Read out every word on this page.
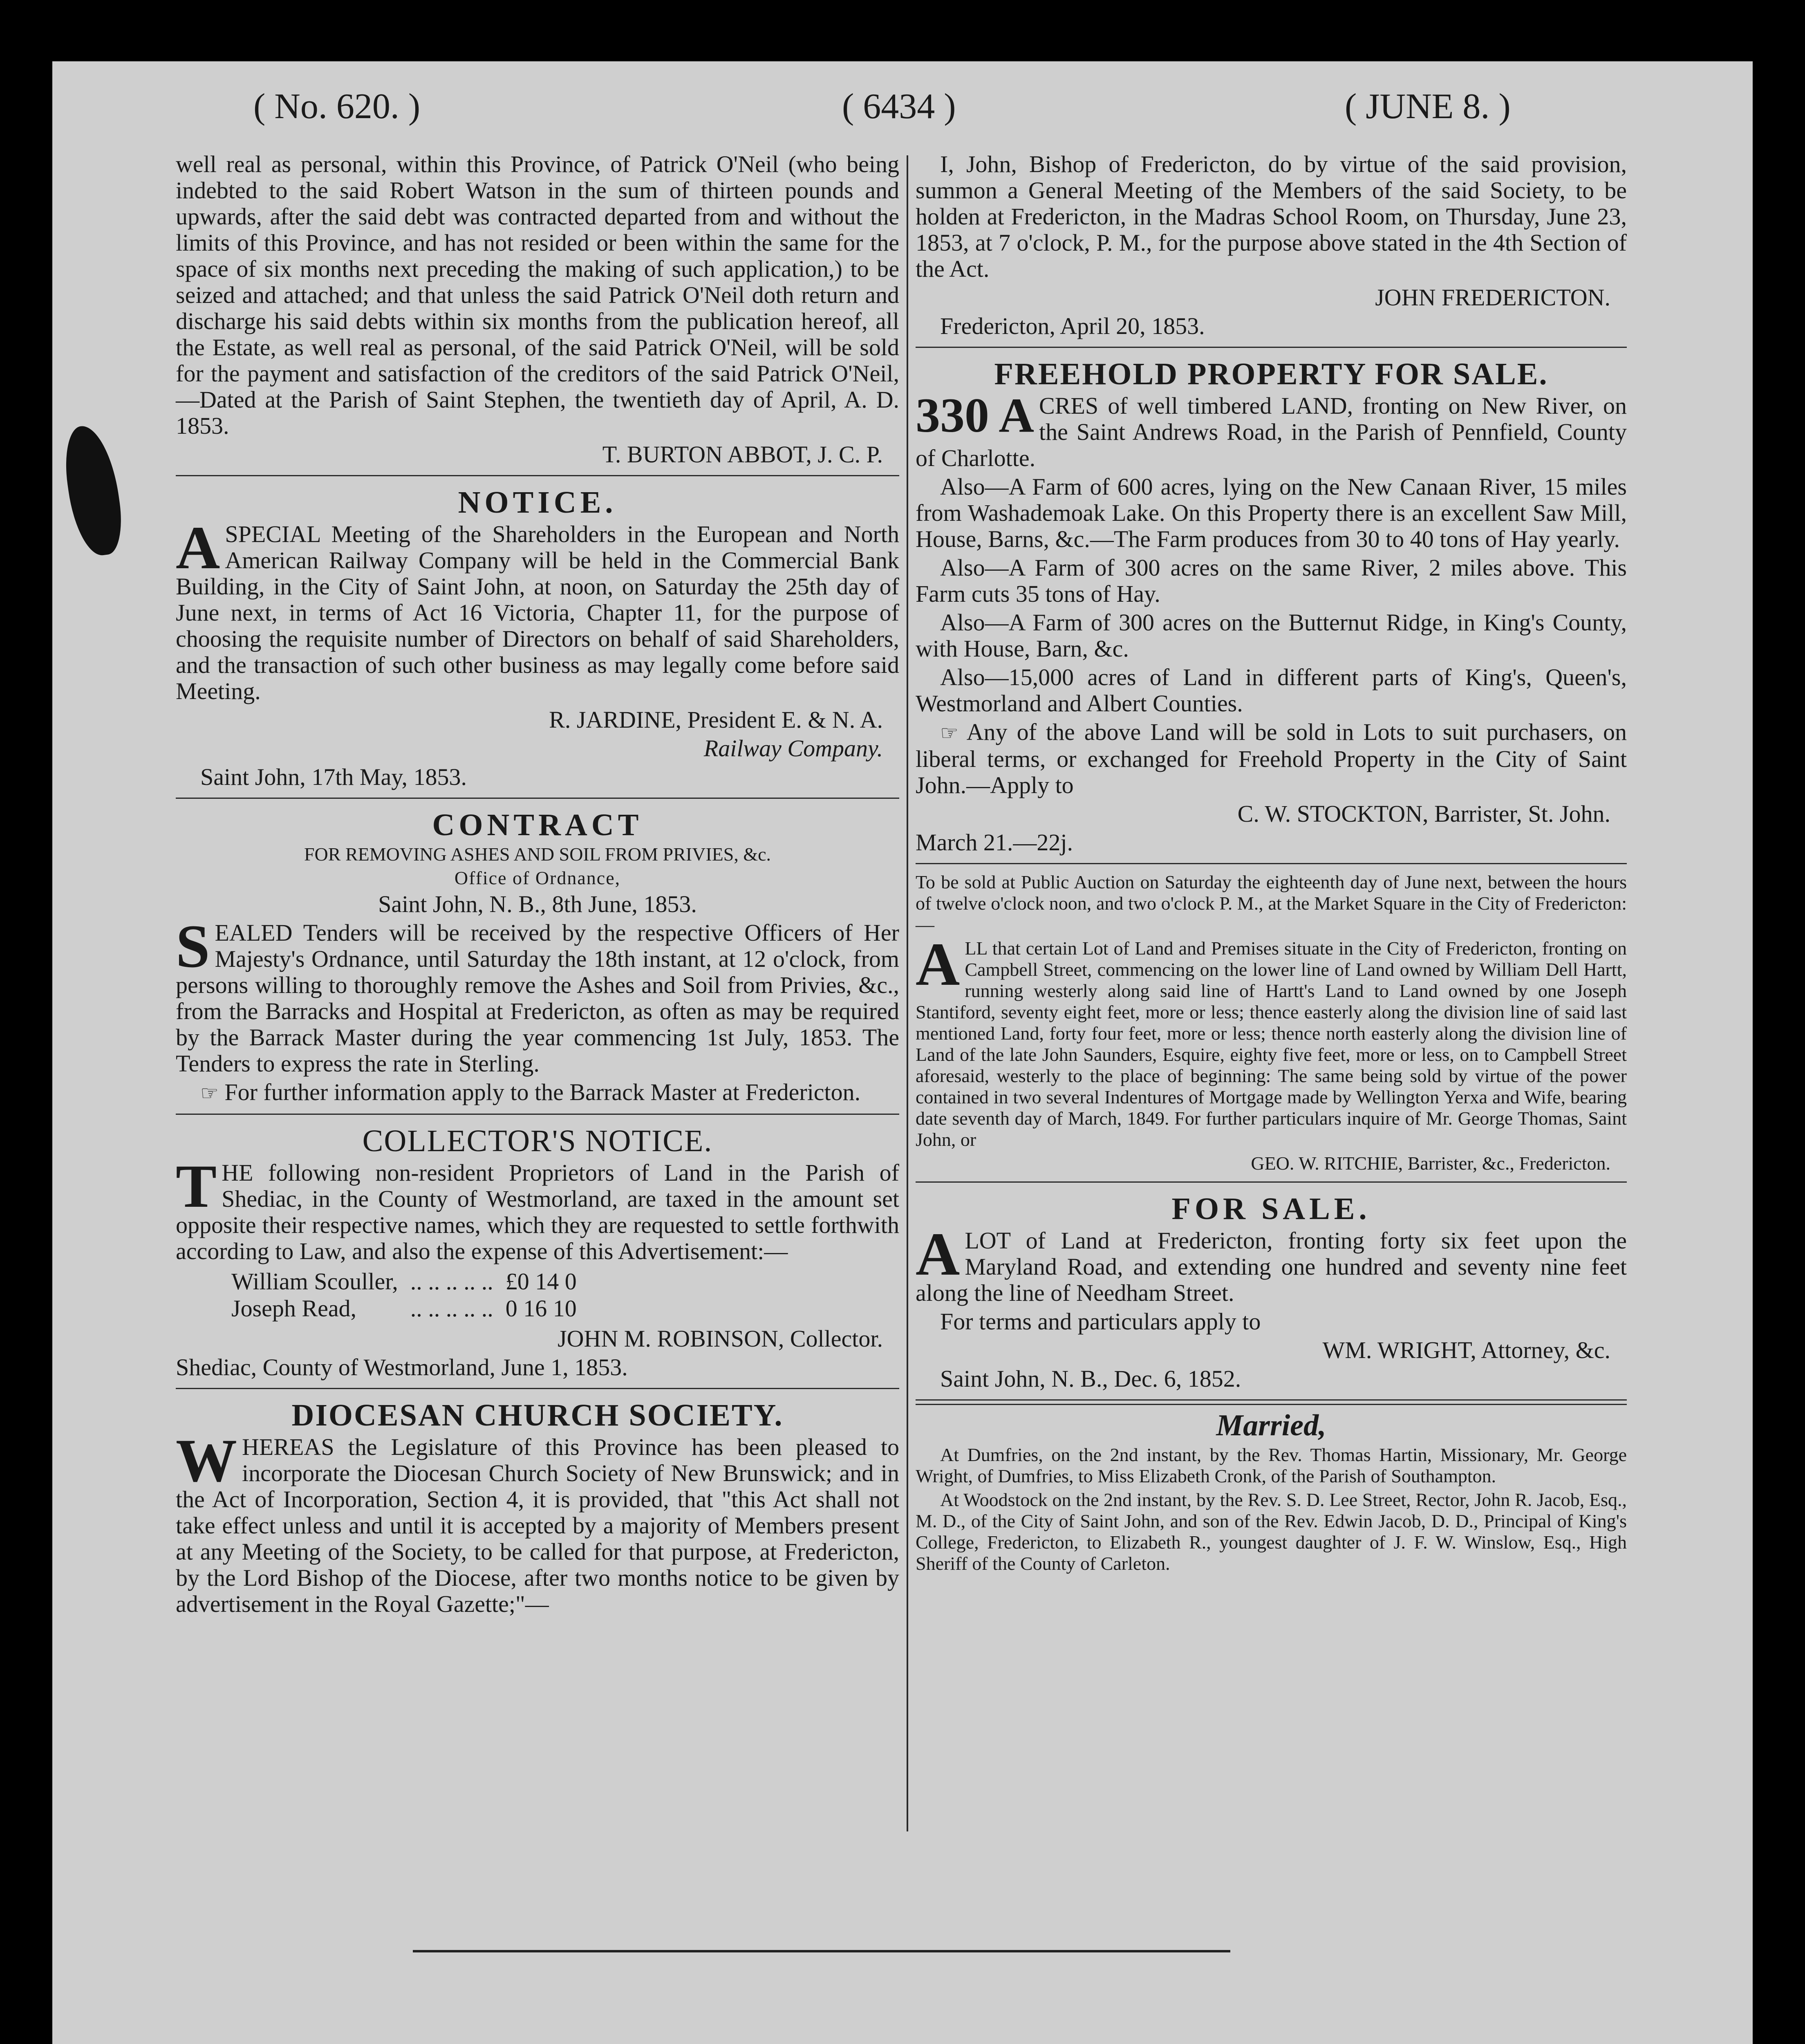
( No. 620. )	( 6434 )	( JUNE 8. )

well real as personal, within this Province, of Patrick O'Neil (who being indebted to the said Robert Watson in the sum of thirteen pounds and upwards, after the said debt was contracted departed from and without the limits of this Province, and has not resided or been within the same for the space of six months next preceding the making of such application,) to be seized and attached; and that unless the said Patrick O'Neil doth return and discharge his said debts within six months from the publication hereof, all the Estate, as well real as personal, of the said Patrick O'Neil, will be sold for the payment and satisfaction of the creditors of the said Patrick O'Neil,—Dated at the Parish of Saint Stephen, the twentieth day of April, A. D. 1853.

T. BURTON ABBOT, J. C. P.

NOTICE.

ASPECIAL Meeting of the Shareholders in the European and North American Railway Company will be held in the Commercial Bank Building, in the City of Saint John, at noon, on Saturday the 25th day of June next, in terms of Act 16 Victoria, Chapter 11, for the purpose of choosing the requisite number of Directors on behalf of said Shareholders, and the transaction of such other business as may legally come before said Meeting.

R. JARDINE, President E. & N. A.

Railway Company.

Saint John, 17th May, 1853.

CONTRACT

FOR REMOVING ASHES AND SOIL FROM PRIVIES, &c.

Office of Ordnance,

Saint John, N. B., 8th June, 1853.

SEALED Tenders will be received by the respective Officers of Her Majesty's Ordnance, until Saturday the 18th instant, at 12 o'clock, from persons willing to thoroughly remove the Ashes and Soil from Privies, &c., from the Barracks and Hospital at Fredericton, as often as may be required by the Barrack Master during the year commencing 1st July, 1853. The Tenders to express the rate in Sterling.

☞ For further information apply to the Barrack Master at Fredericton.

COLLECTOR'S NOTICE.

THE following non-resident Proprietors of Land in the Parish of Shediac, in the County of Westmorland, are taxed in the amount set opposite their respective names, which they are requested to settle forthwith according to Law, and also the expense of this Advertisement:—

William Scouller,	.. .. .. .. ..	£0 14 0
Joseph Read,	.. .. .. .. ..	0 16 10

JOHN M. ROBINSON, Collector.

Shediac, County of Westmorland, June 1, 1853.

DIOCESAN CHURCH SOCIETY.

WHEREAS the Legislature of this Province has been pleased to incorporate the Diocesan Church Society of New Brunswick; and in the Act of Incorporation, Section 4, it is provided, that "this Act shall not take effect unless and until it is accepted by a majority of Members present at any Meeting of the Society, to be called for that purpose, at Fredericton, by the Lord Bishop of the Diocese, after two months notice to be given by advertisement in the Royal Gazette;"—

I, John, Bishop of Fredericton, do by virtue of the said provision, summon a General Meeting of the Members of the said Society, to be holden at Fredericton, in the Madras School Room, on Thursday, June 23, 1853, at 7 o'clock, P. M., for the purpose above stated in the 4th Section of the Act.

JOHN FREDERICTON.

Fredericton, April 20, 1853.

FREEHOLD PROPERTY FOR SALE.

330 A CRES of well timbered LAND, fronting on New River, on the Saint Andrews Road, in the Parish of Pennfield, County of Charlotte.

Also—A Farm of 600 acres, lying on the New Canaan River, 15 miles from Washademoak Lake. On this Property there is an excellent Saw Mill, House, Barns, &c.—The Farm produces from 30 to 40 tons of Hay yearly.

Also—A Farm of 300 acres on the same River, 2 miles above. This Farm cuts 35 tons of Hay.

Also—A Farm of 300 acres on the Butternut Ridge, in King's County, with House, Barn, &c.

Also—15,000 acres of Land in different parts of King's, Queen's, Westmorland and Albert Counties.

☞ Any of the above Land will be sold in Lots to suit purchasers, on liberal terms, or exchanged for Freehold Property in the City of Saint John.—Apply to

C. W. STOCKTON, Barrister, St. John.

March 21.—22j.

To be sold at Public Auction on Saturday the eighteenth day of June next, between the hours of twelve o'clock noon, and two o'clock P. M., at the Market Square in the City of Fredericton:—

ALL that certain Lot of Land and Premises situate in the City of Fredericton, fronting on Campbell Street, commencing on the lower line of Land owned by William Dell Hartt, running westerly along said line of Hartt's Land to Land owned by one Joseph Stantiford, seventy eight feet, more or less; thence easterly along the division line of said last mentioned Land, forty four feet, more or less; thence north easterly along the division line of Land of the late John Saunders, Esquire, eighty five feet, more or less, on to Campbell Street aforesaid, westerly to the place of beginning: The same being sold by virtue of the power contained in two several Indentures of Mortgage made by Wellington Yerxa and Wife, bearing date seventh day of March, 1849. For further particulars inquire of Mr. George Thomas, Saint John, or

GEO. W. RITCHIE, Barrister, &c., Fredericton.

FOR SALE.

ALOT of Land at Fredericton, fronting forty six feet upon the Maryland Road, and extending one hundred and seventy nine feet along the line of Needham Street.

For terms and particulars apply to

WM. WRIGHT, Attorney, &c.

Saint John, N. B., Dec. 6, 1852.

Married,

At Dumfries, on the 2nd instant, by the Rev. Thomas Hartin, Missionary, Mr. George Wright, of Dumfries, to Miss Elizabeth Cronk, of the Parish of Southampton.

At Woodstock on the 2nd instant, by the Rev. S. D. Lee Street, Rector, John R. Jacob, Esq., M. D., of the City of Saint John, and son of the Rev. Edwin Jacob, D. D., Principal of King's College, Fredericton, to Elizabeth R., youngest daughter of J. F. W. Winslow, Esq., High Sheriff of the County of Carleton.
